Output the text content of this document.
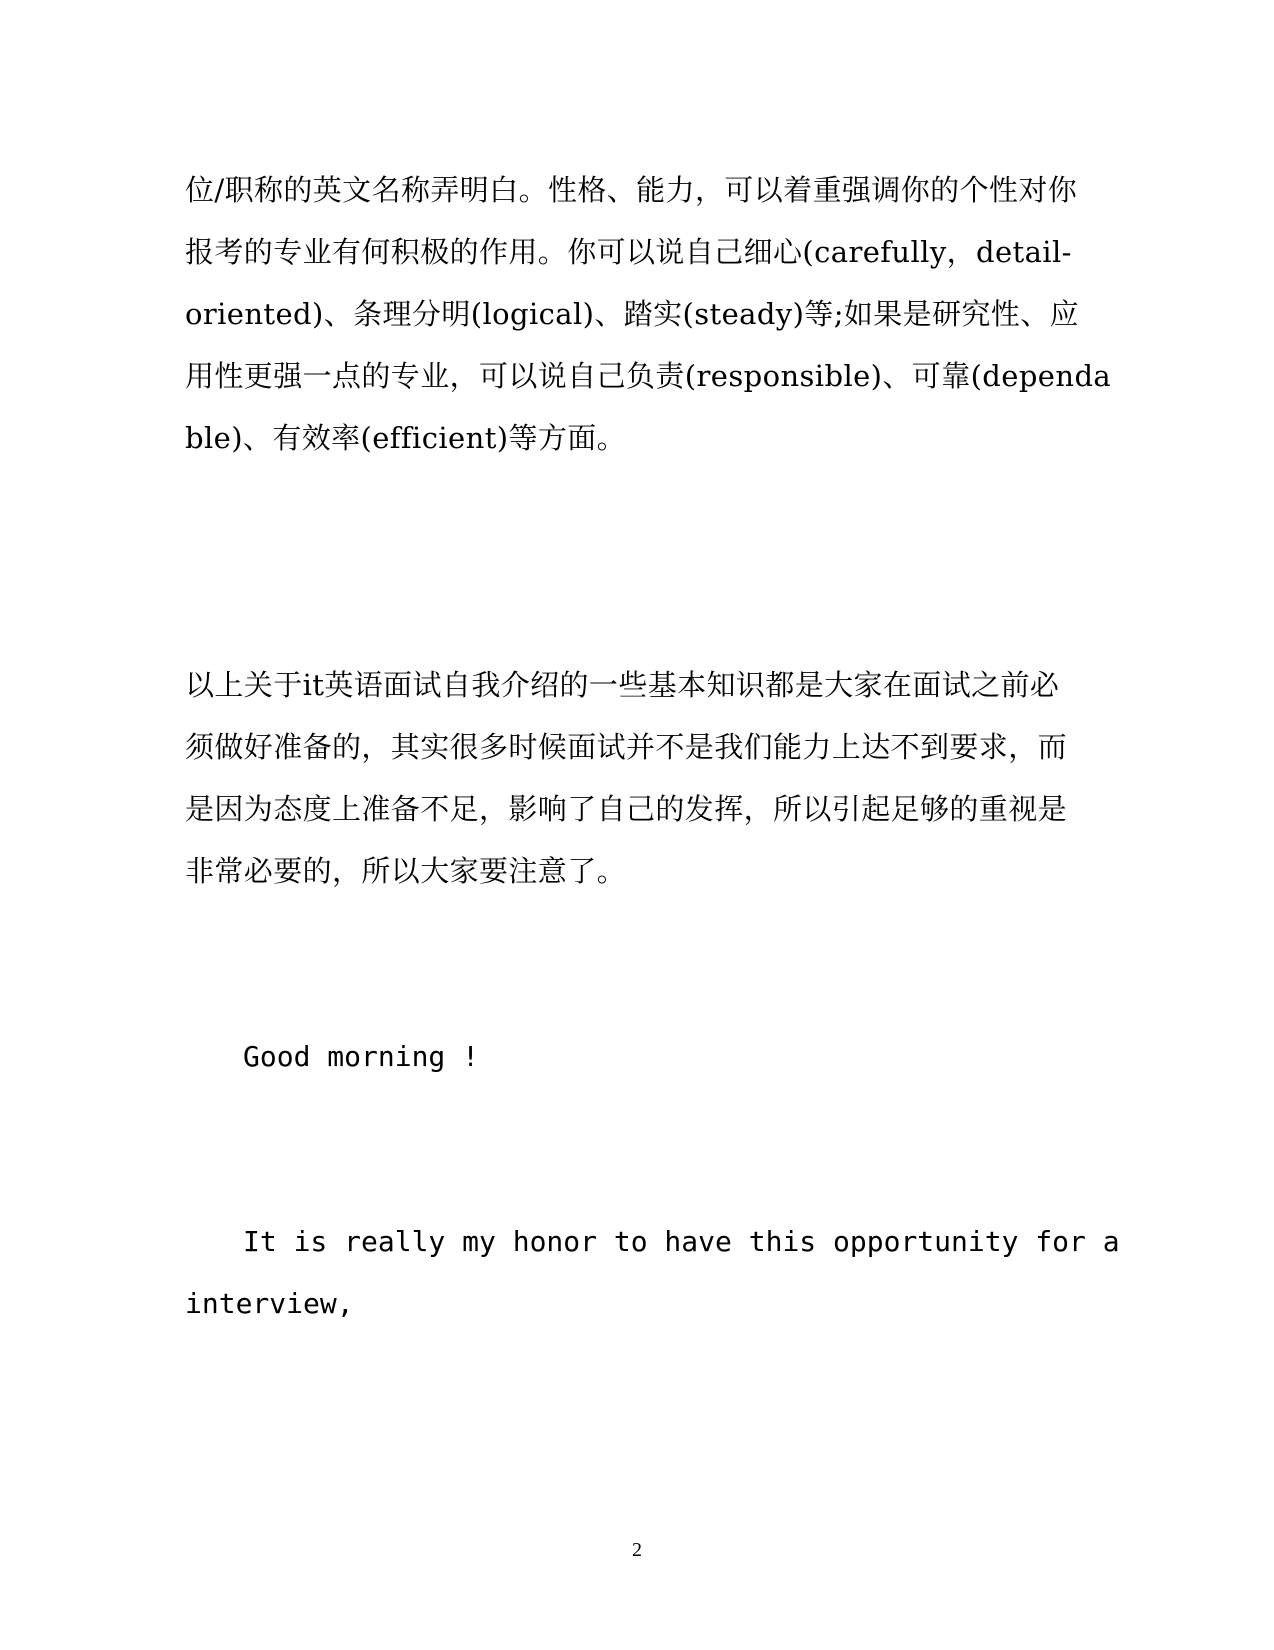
位/职称的英文名称弄明白。性格、能力，可以着重强调你的个性对你
报考的专业有何积极的作用。你可以说自己细心(carefully，detail-
oriented)、条理分明(logical)、踏实(steady)等;如果是研究性、应
用性更强一点的专业，可以说自己负责(responsible)、可靠(dependa
ble)、有效率(efficient)等方面。
以上关于it英语面试自我介绍的一些基本知识都是大家在面试之前必
须做好准备的，其实很多时候面试并不是我们能力上达不到要求，而
是因为态度上准备不足，影响了自己的发挥，所以引起足够的重视是
非常必要的，所以大家要注意了。
Good morning !
It is really my honor to have this opportunity for a
interview,
2
